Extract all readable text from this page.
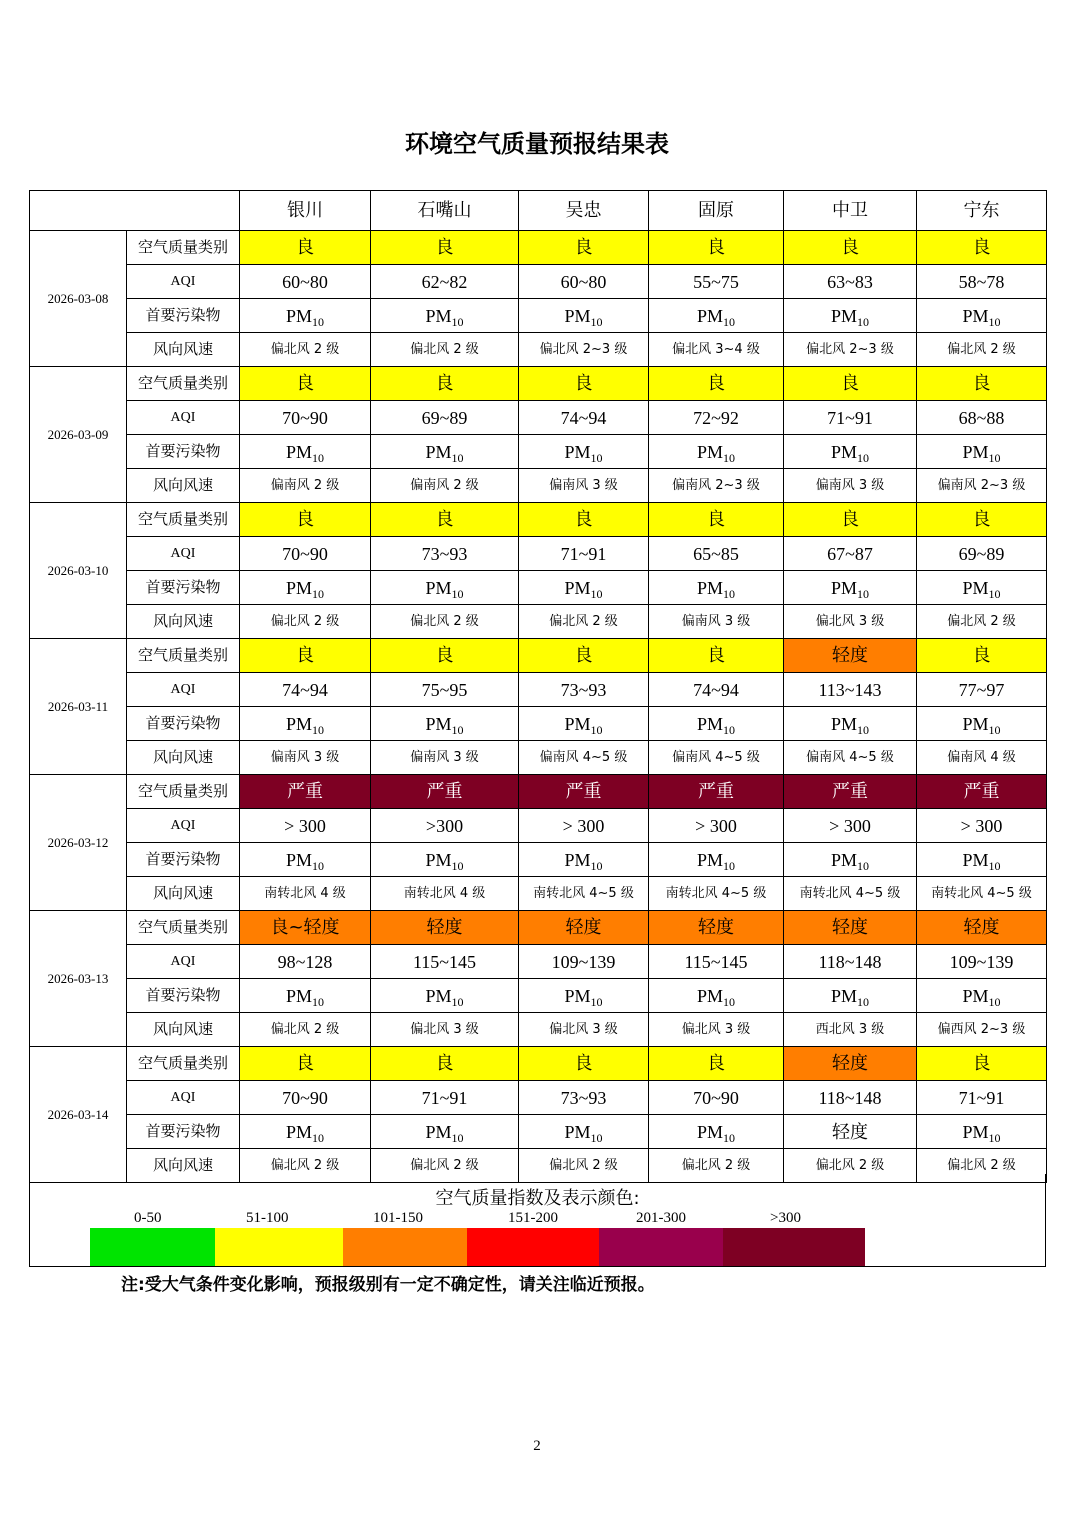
环境空气质量预报结果表
		银川	石嘴山	吴忠	固原	中卫	宁东
2026-03-08	空气质量类别	良	良	良	良	良	良
	AQI	60~80	62~82	60~80	55~75	63~83	58~78
	首要污染物	$PM_{10}$	$PM_{10}$	$PM_{10}$	$PM_{10}$	$PM_{10}$	$PM_{10}$
	风向风速	偏北风 2 级	偏北风 2 级	偏北风 2~3 级	偏北风 3~4 级	偏北风 2~3 级	偏北风 2 级
2026-03-09	空气质量类别	良	良	良	良	良	良
	AQI	70~90	69~89	74~94	72~92	71~91	68~88
	首要污染物	$PM_{10}$	$PM_{10}$	$PM_{10}$	$PM_{10}$	$PM_{10}$	$PM_{10}$
	风向风速	偏南风 2 级	偏南风 2 级	偏南风 3 级	偏南风 2~3 级	偏南风 3 级	偏南风 2~3 级
2026-03-10	空气质量类别	良	良	良	良	良	良
	AQI	70~90	73~93	71~91	65~85	67~87	69~89
	首要污染物	$PM_{10}$	$PM_{10}$	$PM_{10}$	$PM_{10}$	$PM_{10}$	$PM_{10}$
	风向风速	偏北风 2 级	偏北风 2 级	偏北风 2 级	偏南风 3 级	偏北风 3 级	偏北风 2 级
2026-03-11	空气质量类别	良	良	良	良	轻度	良
	AQI	74~94	75~95	73~93	74~94	113~143	77~97
	首要污染物	$PM_{10}$	$PM_{10}$	$PM_{10}$	$PM_{10}$	$PM_{10}$	$PM_{10}$
	风向风速	偏南风 3 级	偏南风 3 级	偏南风 4~5 级	偏南风 4~5 级	偏南风 4~5 级	偏南风 4 级
2026-03-12	空气质量类别	严重	严重	严重	严重	严重	严重
	AQI	> 300	>300	> 300	> 300	> 300	> 300
	首要污染物	$PM_{10}$	$PM_{10}$	$PM_{10}$	$PM_{10}$	$PM_{10}$	$PM_{10}$
	风向风速	南转北风 4 级	南转北风 4 级	南转北风 4~5 级	南转北风 4~5 级	南转北风 4~5 级	南转北风 4~5 级
2026-03-13	空气质量类别	良~轻度	轻度	轻度	轻度	轻度	轻度
	AQI	98~128	115~145	109~139	115~145	118~148	109~139
	首要污染物	$PM_{10}$	$PM_{10}$	$PM_{10}$	$PM_{10}$	$PM_{10}$	$PM_{10}$
	风向风速	偏北风 2 级	偏北风 3 级	偏北风 3 级	偏北风 3 级	西北风 3 级	偏西风 2~3 级
2026-03-14	空气质量类别	良	良	良	良	轻度	良
	AQI	70~90	71~91	73~93	70~90	118~148	71~91
	首要污染物	$PM_{10}$	$PM_{10}$	$PM_{10}$	$PM_{10}$	轻度	$PM_{10}$
	风向风速	偏北风 2 级	偏北风 2 级	偏北风 2 级	偏北风 2 级	偏北风 2 级	偏北风 2 级
空气质量指数及表示颜色:
0-50	51-100	101-150	151-200	201-300	>300
注:受大气条件变化影响，预报级别有一定不确定性，请关注临近预报。
2
